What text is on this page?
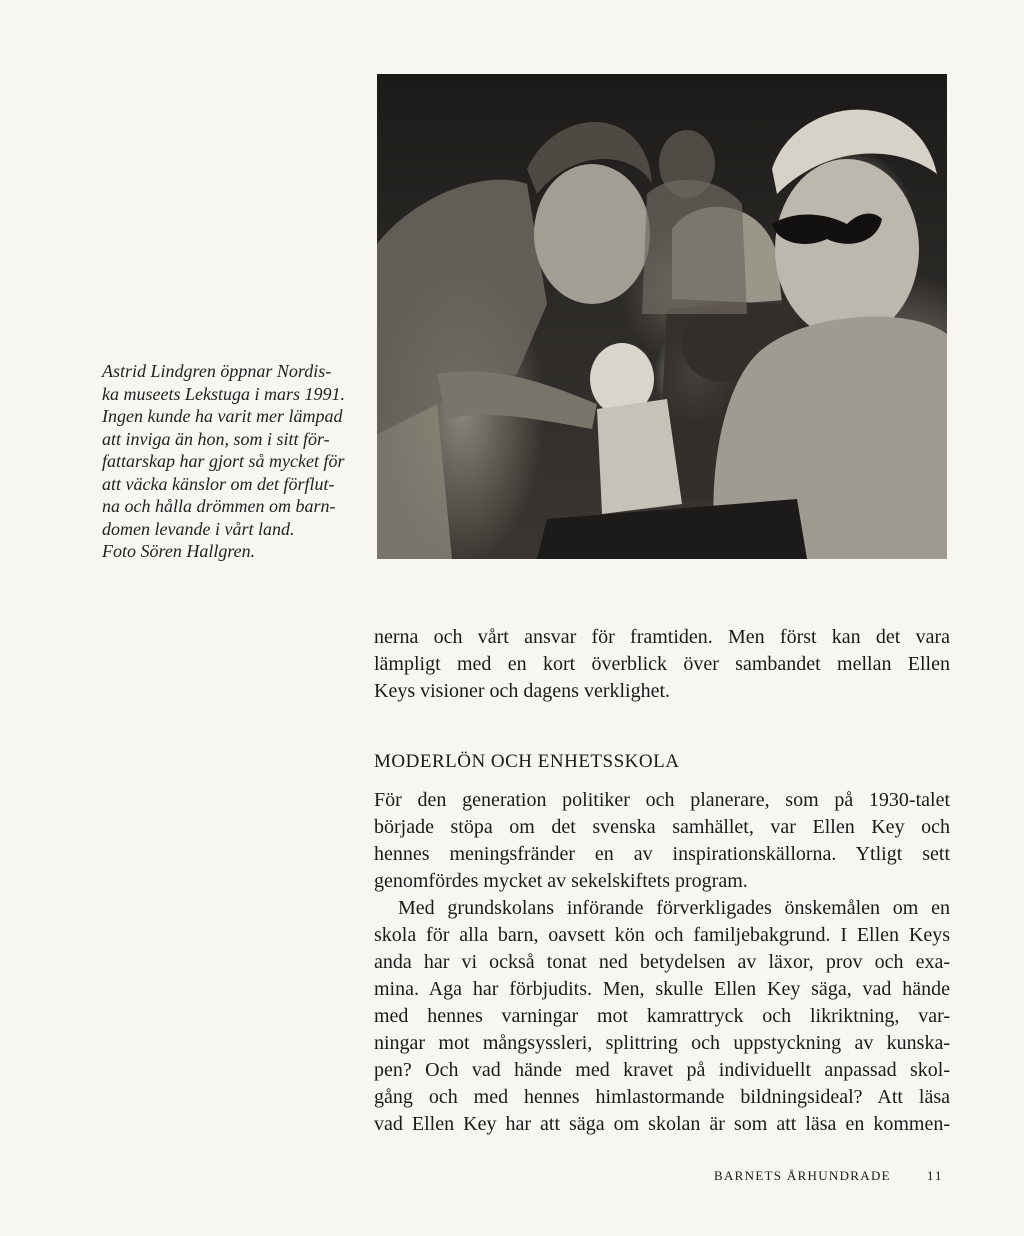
Astrid Lindgren öppnar Nordis-
ka museets Lekstuga i mars 1991.
Ingen kunde ha varit mer lämpad
att inviga än hon, som i sitt för-
fattarskap har gjort så mycket för
att väcka känslor om det förflut-
na och hålla drömmen om barn-
domen levande i vårt land.
Foto Sören Hallgren.
nerna och vårt ansvar för framtiden. Men först kan det vara
lämpligt med en kort överblick över sambandet mellan Ellen
Keys visioner och dagens verklighet.
MODERLÖN OCH ENHETSSKOLA
För den generation politiker och planerare, som på 1930-talet
började stöpa om det svenska samhället, var Ellen Key och
hennes meningsfränder en av inspirationskällorna. Ytligt sett
genomfördes mycket av sekelskiftets program.
Med grundskolans införande förverkligades önskemålen om en
skola för alla barn, oavsett kön och familjebakgrund. I Ellen Keys
anda har vi också tonat ned betydelsen av läxor, prov och exa-
mina. Aga har förbjudits. Men, skulle Ellen Key säga, vad hände
med hennes varningar mot kamrattryck och likriktning, var-
ningar mot mångsyssleri, splittring och uppstyckning av kunska-
pen? Och vad hände med kravet på individuellt anpassad skol-
gång och med hennes himlastormande bildningsideal? Att läsa
vad Ellen Key har att säga om skolan är som att läsa en kommen-
BARNETS ÅRHUNDRADE	11
